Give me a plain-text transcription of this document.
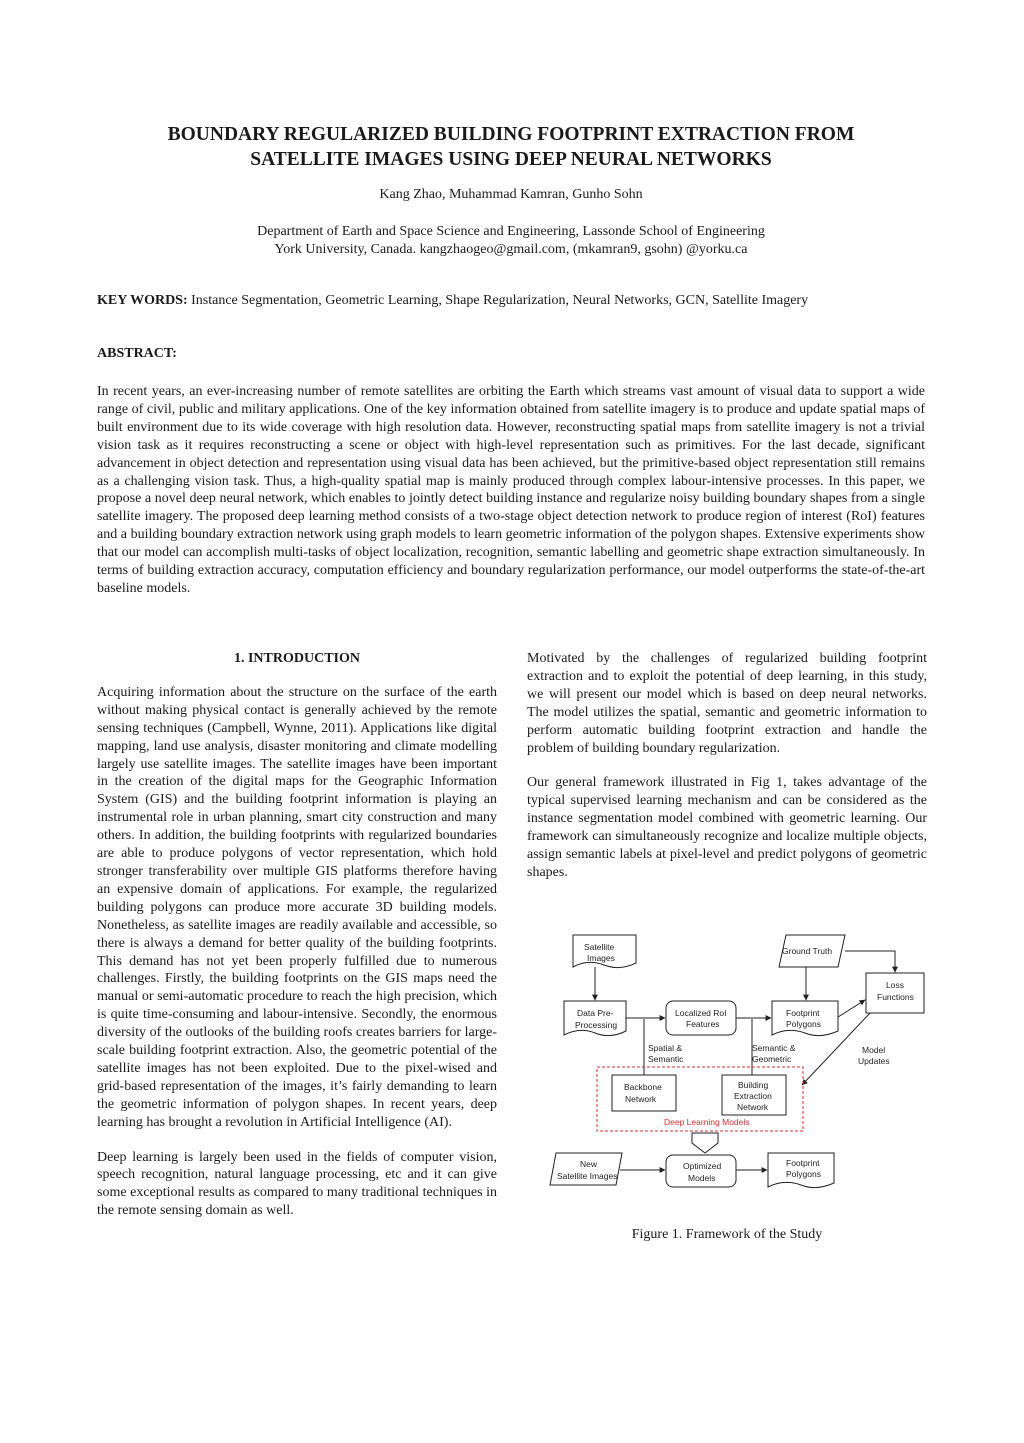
BOUNDARY REGULARIZED BUILDING FOOTPRINT EXTRACTION FROM
SATELLITE IMAGES USING DEEP NEURAL NETWORKS
Kang Zhao, Muhammad Kamran, Gunho Sohn
Department of Earth and Space Science and Engineering, Lassonde School of Engineering
York University, Canada. kangzhaogeo@gmail.com, (mkamran9, gsohn) @yorku.ca
KEY WORDS: Instance Segmentation, Geometric Learning, Shape Regularization, Neural Networks, GCN, Satellite Imagery
ABSTRACT:

In recent years, an ever-increasing number of remote satellites are orbiting the Earth which streams vast amount of visual data to support a wide range of civil, public and military applications. One of the key information obtained from satellite imagery is to produce and update spatial maps of built environment due to its wide coverage with high resolution data. However, reconstructing spatial maps from satellite imagery is not a trivial vision task as it requires reconstructing a scene or object with high-level representation such as primitives. For the last decade, significant advancement in object detection and representation using visual data has been achieved, but the primitive-based object representation still remains as a challenging vision task. Thus, a high-quality spatial map is mainly produced through complex labour-intensive processes. In this paper, we propose a novel deep neural network, which enables to jointly detect building instance and regularize noisy building boundary shapes from a single satellite imagery. The proposed deep learning method consists of a two-stage object detection network to produce region of interest (RoI) features and a building boundary extraction network using graph models to learn geometric information of the polygon shapes. Extensive experiments show that our model can accomplish multi-tasks of object localization, recognition, semantic labelling and geometric shape extraction simultaneously. In terms of building extraction accuracy, computation efficiency and boundary regularization performance, our model outperforms the state-of-the-art baseline models.

1. INTRODUCTION

Acquiring information about the structure on the surface of the earth without making physical contact is generally achieved by the remote sensing techniques (Campbell, Wynne, 2011). Applications like digital mapping, land use analysis, disaster monitoring and climate modelling largely use satellite images. The satellite images have been important in the creation of the digital maps for the Geographic Information System (GIS) and the building footprint information is playing an instrumental role in urban planning, smart city construction and many others. In addition, the building footprints with regularized boundaries are able to produce polygons of vector representation, which hold stronger transferability over multiple GIS platforms therefore having an expensive domain of applications. For example, the regularized building polygons can produce more accurate 3D building models. Nonetheless, as satellite images are readily available and accessible, so there is always a demand for better quality of the building footprints. This demand has not yet been properly fulfilled due to numerous challenges. Firstly, the building footprints on the GIS maps need the manual or semi-automatic procedure to reach the high precision, which is quite time-consuming and labour-intensive. Secondly, the enormous diversity of the outlooks of the building roofs creates barriers for large-scale building footprint extraction. Also, the geometric potential of the satellite images has not been exploited. Due to the pixel-wised and grid-based representation of the images, it’s fairly demanding to learn the geometric information of polygon shapes. In recent years, deep learning has brought a revolution in Artificial Intelligence (AI).

Deep learning is largely been used in the fields of computer vision, speech recognition, natural language processing, etc and it can give some exceptional results as compared to many traditional techniques in the remote sensing domain as well.

Motivated by the challenges of regularized building footprint extraction and to exploit the potential of deep learning, in this study, we will present our model which is based on deep neural networks. The model utilizes the spatial, semantic and geometric information to perform automatic building footprint extraction and handle the problem of building boundary regularization.

Our general framework illustrated in Fig 1, takes advantage of the typical supervised learning mechanism and can be considered as the instance segmentation model combined with geometric learning. Our framework can simultaneously recognize and localize multiple objects, assign semantic labels at pixel-level and predict polygons of geometric shapes.

Satellite
Images
Ground Truth
Loss
Functions
Data Pre-
Processing
Localized RoI
Features
Footprint
Polygons
Spatial &
Semantic
Semantic &
Geometric
Model
Updates
Backbone
Network
Building
Extraction
Network
Deep Learning Models
New
Satellite Images
Optimized
Models
Footprint
Polygons
Figure 1. Framework of the Study
